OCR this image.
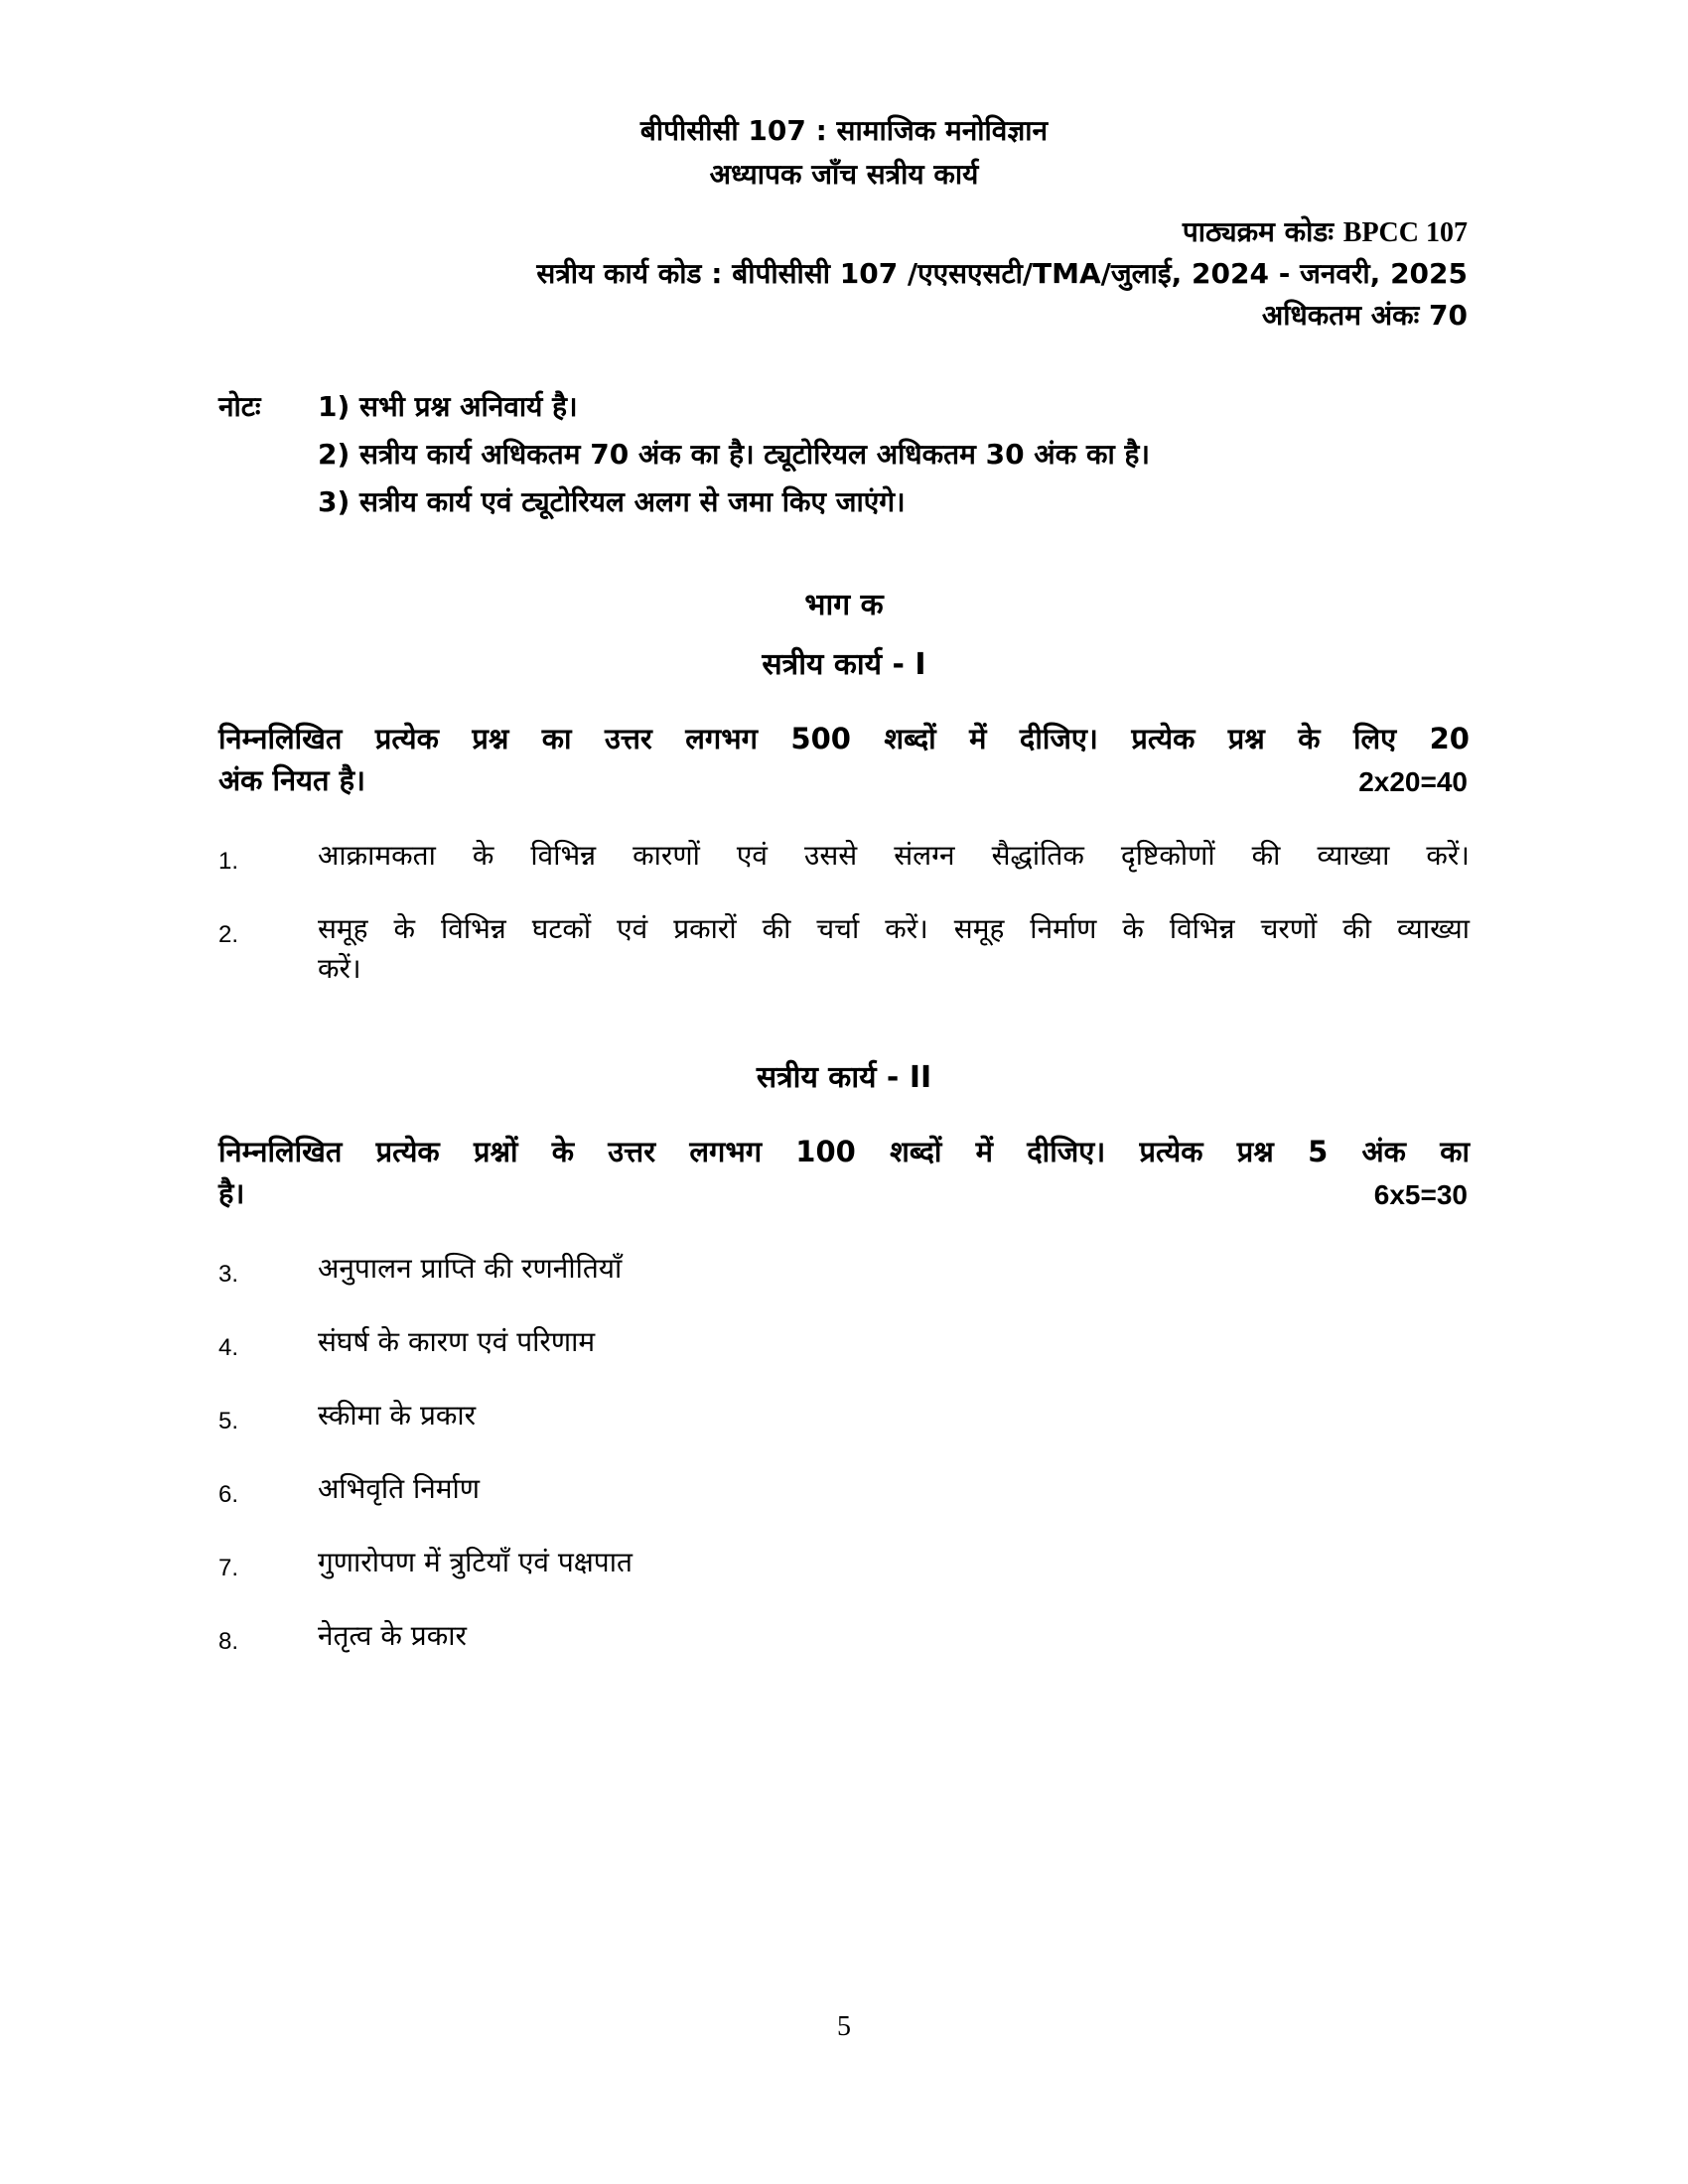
बीपीसीसी 107 : सामाजिक मनोविज्ञान
अध्यापक जाँच सत्रीय कार्य
पाठ्यक्रम कोडः BPCC 107
सत्रीय कार्य कोड : बीपीसीसी 107 /एएसएसटी/TMA/जुलाई, 2024 - जनवरी, 2025
अधिकतम अंकः 70
नोटः 1) सभी प्रश्न अनिवार्य है।
2) सत्रीय कार्य अधिकतम 70 अंक का है। ट्यूटोरियल अधिकतम 30 अंक का है।
3) सत्रीय कार्य एवं ट्यूटोरियल अलग से जमा किए जाएंगे।
भाग क
सत्रीय कार्य - I
निम्नलिखित प्रत्येक प्रश्न का उत्तर लगभग 500 शब्दों में दीजिए। प्रत्येक प्रश्न के लिए 20
अंक नियत है।	2x20=40
1.	आक्रामकता के विभिन्न कारणों एवं उससे संलग्न सैद्धांतिक दृष्टिकोणों की व्याख्या करें।
2.	समूह के विभिन्न घटकों एवं प्रकारों की चर्चा करें। समूह निर्माण के विभिन्न चरणों की व्याख्या
करें।
सत्रीय कार्य - II
निम्नलिखित प्रत्येक प्रश्नों के उत्तर लगभग 100 शब्दों में दीजिए। प्रत्येक प्रश्न 5 अंक का
है।	6x5=30
3.	अनुपालन प्राप्ति की रणनीतियाँ
4.	संघर्ष के कारण एवं परिणाम
5.	स्कीमा के प्रकार
6.	अभिवृति निर्माण
7.	गुणारोपण में त्रुटियाँ एवं पक्षपात
8.	नेतृत्व के प्रकार
5
